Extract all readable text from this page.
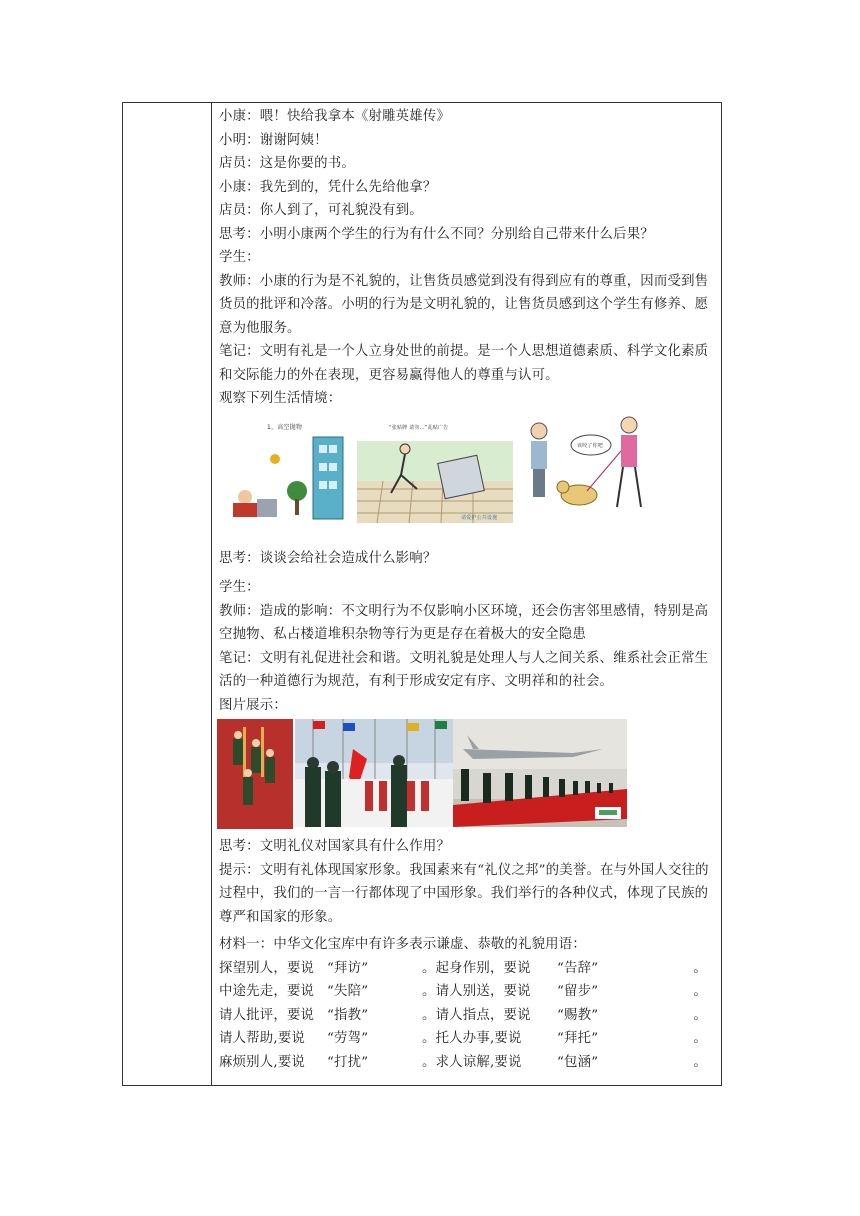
小康：喂！快给我拿本《射雕英雄传》

小明：谢谢阿姨！

店员：这是你要的书。

小康：我先到的，凭什么先给他拿？

店员：你人到了，可礼貌没有到。

思考：小明小康两个学生的行为有什么不同？分别给自己带来什么后果？

学生：

教师：小康的行为是不礼貌的，让售货员感觉到没有得到应有的尊重，因而受到售货员的批评和冷落。小明的行为是文明礼貌的，让售货员感到这个学生有修养、愿意为他服务。

笔记：文明有礼是一个人立身处世的前提。是一个人思想道德素质、科学文化素质和交际能力的外在表现，更容易赢得他人的尊重与认可。

观察下列生活情境：

1、高空抛物	“张贴牌 请勿…”乱贴广告
请爱护公共设施
该咬了你吧

思考：谈谈会给社会造成什么影响？

学生：

教师：造成的影响：不文明行为不仅影响小区环境，还会伤害邻里感情，特别是高空抛物、私占楼道堆积杂物等行为更是存在着极大的安全隐患

笔记：文明有礼促进社会和谐。文明礼貌是处理人与人之间关系、维系社会正常生活的一种道德行为规范，有利于形成安定有序、文明祥和的社会。

图片展示：

思考：文明礼仪对国家具有什么作用？

提示：文明有礼体现国家形象。我国素来有“礼仪之邦”的美誉。在与外国人交往的过程中，我们的一言一行都体现了中国形象。我们举行的各种仪式，体现了民族的尊严和国家的形象。

材料一：中华文化宝库中有许多表示谦虚、恭敬的礼貌用语：

探望别人，要说 “拜访”	。起身作别，要说	“告辞”	。
中途先走，要说 “失陪”	。请人别送，要说	“留步”	。
请人批评，要说 “指教”	。请人指点，要说	“赐教”	。
请人帮助,要说	“劳驾”	。托人办事,要说	“拜托”	。
麻烦别人,要说	“打扰”	。求人谅解,要说	“包涵”	。
